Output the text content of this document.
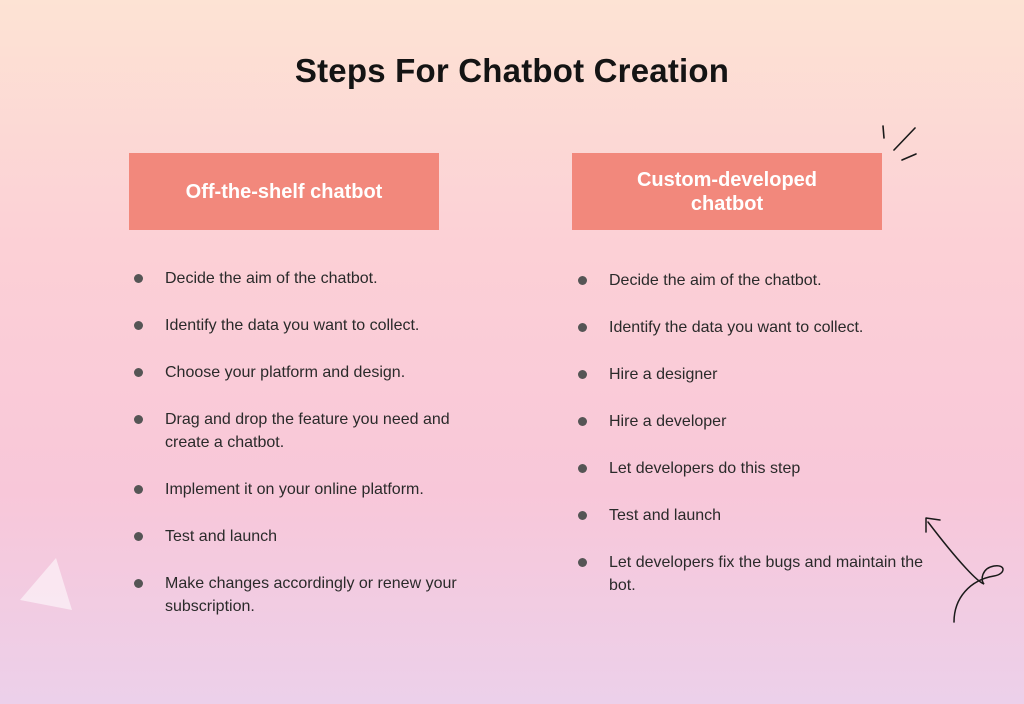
Steps For Chatbot Creation
Off-the-shelf chatbot
Custom-developed
chatbot
Decide the aim of the chatbot.
Identify the data you want to collect.
Choose your platform and design.
Drag and drop the feature you need and create a chatbot.
Implement it on your online platform.
Test and launch
Make changes accordingly or renew your subscription.
Decide the aim of the chatbot.
Identify the data you want to collect.
Hire a designer
Hire a developer
Let developers do this step
Test and launch
Let developers fix the bugs and maintain the bot.
